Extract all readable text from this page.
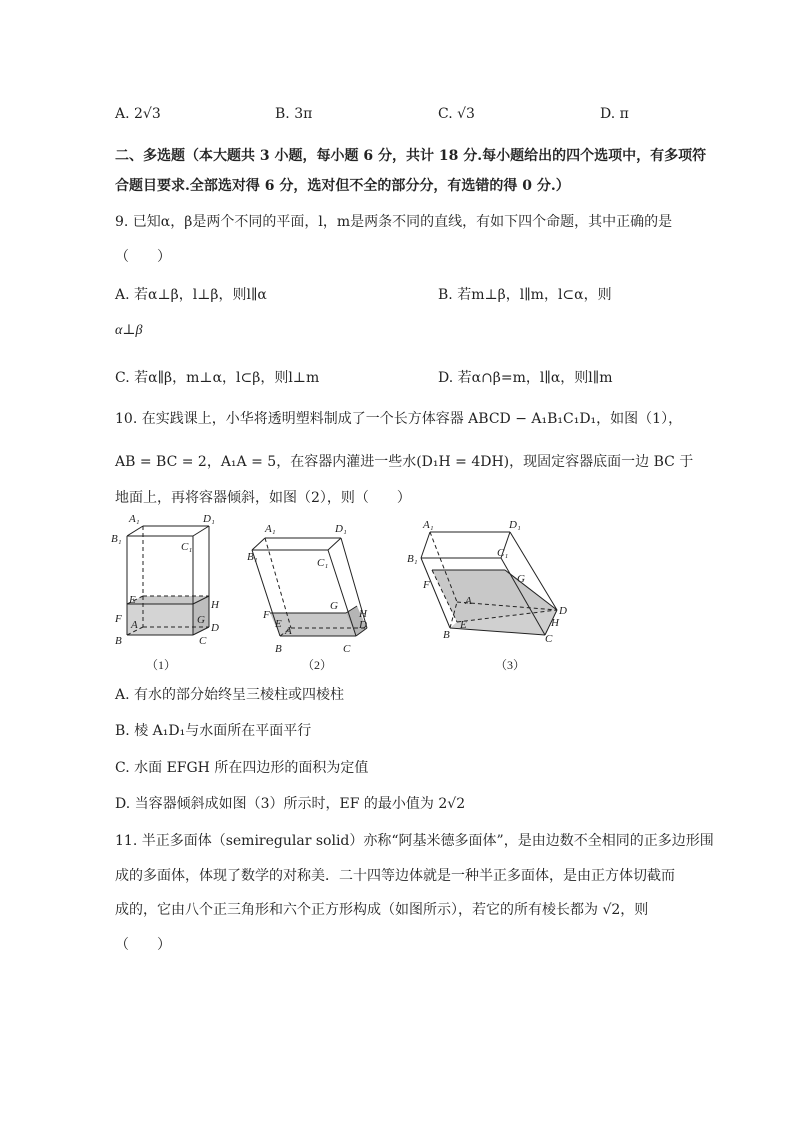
A. 2√3	B. 3π	C. √3	D. π
二、多选题（本大题共 3 小题，每小题 6 分，共计 18 分.每小题给出的四个选项中，有多项符
合题目要求.全部选对得 6 分，选对但不全的部分分，有选错的得 0 分.）
9. 已知α，β是两个不同的平面，l，m是两条不同的直线，有如下四个命题，其中正确的是
（　　）
A. 若α⊥β，l⊥β，则l∥α	B. 若m⊥β，l∥m，l⊂α，则
α⊥β
C. 若α∥β，m⊥α，l⊂β，则l⊥m	D. 若α∩β=m，l∥α，则l∥m
10. 在实践课上，小华将透明塑料制成了一个长方体容器 ABCD − A₁B₁C₁D₁，如图（1），
AB = BC = 2，A₁A = 5，在容器内灌进一些水(D₁H = 4DH)，现固定容器底面一边 BC 于
地面上，再将容器倾斜，如图（2），则（　　）
A₁	D₁
B₁
C₁
E
F
H
G
D
A
B	C
A₁	D₁
B₁	C₁
G
H
F
E
A	D
B	C
A₁	D₁
B₁	C₁
G
F
A
D
H
E
B	C
（1）	（2）	（3）
A. 有水的部分始终呈三棱柱或四棱柱
B. 棱 A₁D₁与水面所在平面平行
C. 水面 EFGH 所在四边形的面积为定值
D. 当容器倾斜成如图（3）所示时，EF 的最小值为 2√2
11. 半正多面体（semiregular solid）亦称“阿基米德多面体”，是由边数不全相同的正多边形围
成的多面体，体现了数学的对称美．二十四等边体就是一种半正多面体，是由正方体切截而
成的，它由八个正三角形和六个正方形构成（如图所示），若它的所有棱长都为 √2，则
（　　）
